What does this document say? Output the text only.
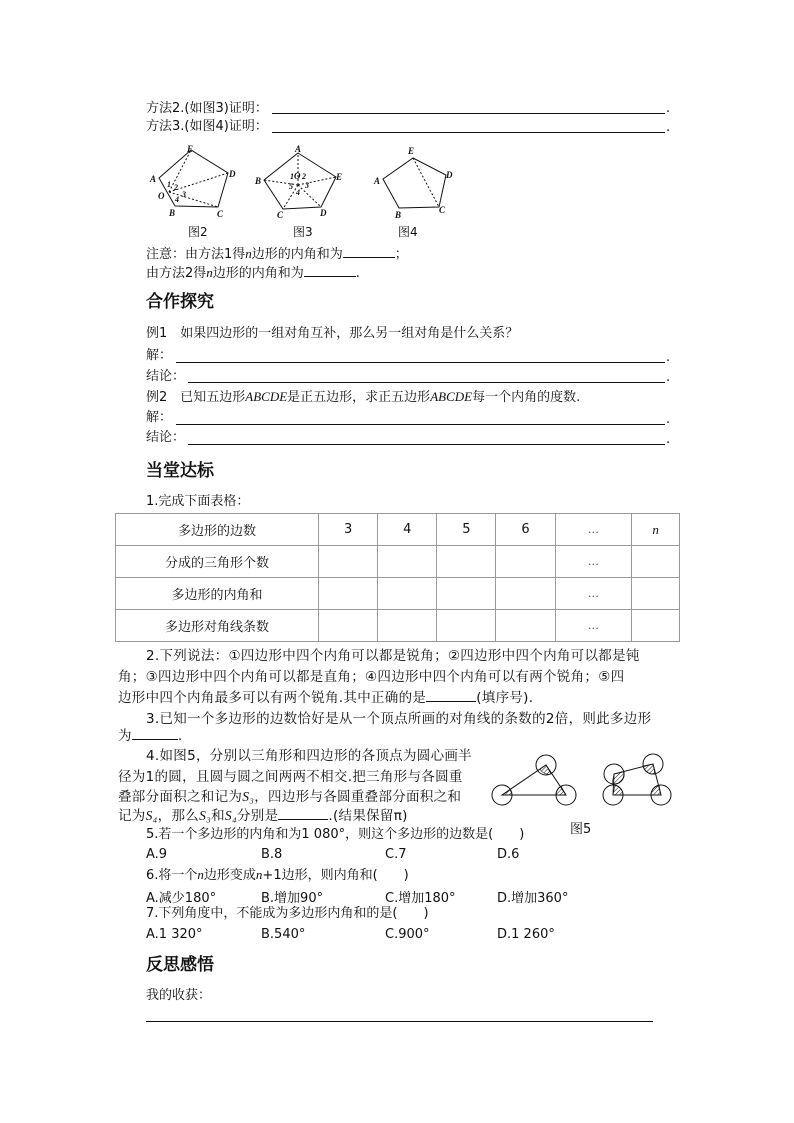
方法2.(如图3)证明：	.
方法3.(如图4)证明：	.
E
A	D
O
B	C
1 2
3
4
图2
A
B	E
C	D
1 O 2
5 3
4
图3
E
A
D
B	C
图4
注意：由方法1得n边形的内角和为	；
由方法2得n边形的内角和为	.
合作探究
例1　如果四边形的一组对角互补，那么另一组对角是什么关系？
解：	.
结论：	.
例2　已知五边形ABCDE是正五边形，求正五边形ABCDE每一个内角的度数.
解：	.
结论：	.
当堂达标
1.完成下面表格：
多边形的边数	3	4	5	6	…	n
分成的三角形个数					…	
多边形的内角和					…	
多边形对角线条数					…	
2.下列说法：①四边形中四个内角可以都是锐角；②四边形中四个内角可以都是钝
角；③四边形中四个内角可以都是直角；④四边形中四个内角可以有两个锐角；⑤四
边形中四个内角最多可以有两个锐角.其中正确的是	(填序号).
3.已知一个多边形的边数恰好是从一个顶点所画的对角线的条数的2倍，则此多边形
为	.
4.如图5，分别以三角形和四边形的各顶点为圆心画半
径为1的圆，且圆与圆之间两两不相交.把三角形与各圆重
叠部分面积之和记为S₃，四边形与各圆重叠部分面积之和
记为S₄，那么S₃和S₄分别是	.(结果保留π)
图5
5.若一个多边形的内角和为1 080°，则这个多边形的边数是(　　)
A.9	B.8	C.7	D.6
6.将一个n边形变成n+1边形，则内角和(　　)
A.减少180°	B.增加90°	C.增加180°	D.增加360°
7.下列角度中，不能成为多边形内角和的是(　　)
A.1 320°	B.540°	C.900°	D.1 260°
反思感悟
我的收获：
